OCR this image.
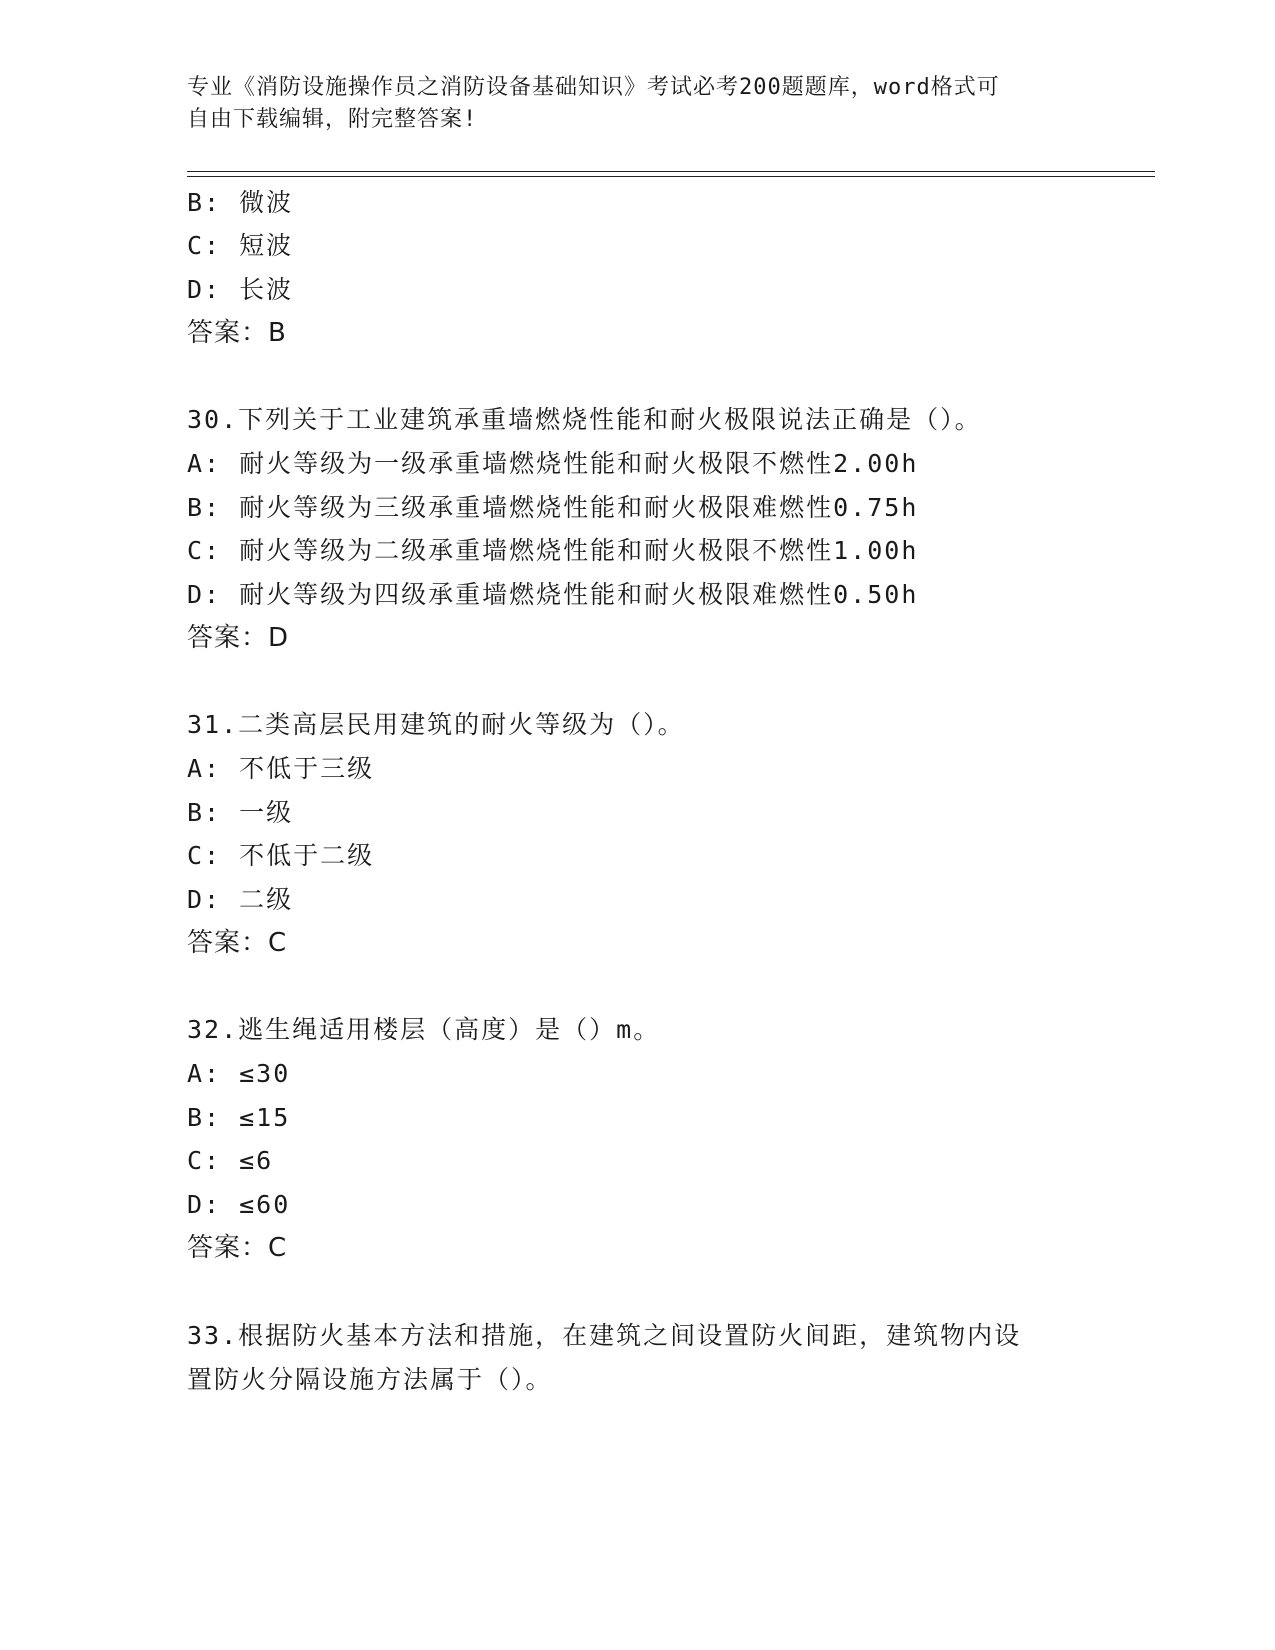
专业《消防设施操作员之消防设备基础知识》考试必考200题题库，word格式可
自由下载编辑，附完整答案!
B: 微波
C: 短波
D: 长波
答案：B
30.下列关于工业建筑承重墙燃烧性能和耐火极限说法正确是（）。
A: 耐火等级为一级承重墙燃烧性能和耐火极限不燃性2.00h
B: 耐火等级为三级承重墙燃烧性能和耐火极限难燃性0.75h
C: 耐火等级为二级承重墙燃烧性能和耐火极限不燃性1.00h
D: 耐火等级为四级承重墙燃烧性能和耐火极限难燃性0.50h
答案：D
31.二类高层民用建筑的耐火等级为（）。
A: 不低于三级
B: 一级
C: 不低于二级
D: 二级
答案：C
32.逃生绳适用楼层（高度）是（）m。
A: ≤30
B: ≤15
C: ≤6
D: ≤60
答案：C
33.根据防火基本方法和措施，在建筑之间设置防火间距，建筑物内设
置防火分隔设施方法属于（）。
